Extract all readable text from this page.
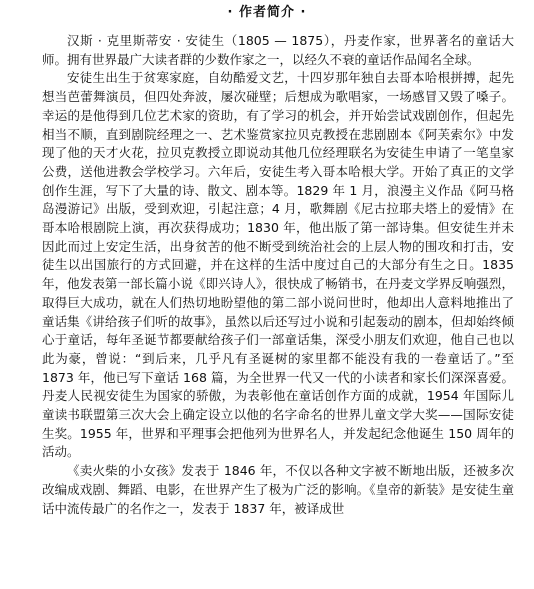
· 作者简介 ·

汉斯 · 克里斯蒂安 · 安徒生（1805 — 1875），丹麦作家，世界著名的童话大师。拥有世界最广大读者群的少数作家之一，以经久不衰的童话作品闻名全球。

安徒生出生于贫寒家庭，自幼酷爱文艺，十四岁那年独自去哥本哈根拼搏，起先想当芭蕾舞演员，但四处奔波，屡次碰壁；后想成为歌唱家，一场感冒又毁了嗓子。幸运的是他得到几位艺术家的资助，有了学习的机会，并开始尝试戏剧创作，但起先相当不顺，直到剧院经理之一、艺术鉴赏家拉贝克教授在悲剧剧本《阿芙索尔》中发现了他的天才火花，拉贝克教授立即说动其他几位经理联名为安徒生申请了一笔皇家公费，送他进教会学校学习。六年后，安徒生考入哥本哈根大学。开始了真正的文学创作生涯，写下了大量的诗、散文、剧本等。1829 年 1 月，浪漫主义作品《阿马格岛漫游记》出版，受到欢迎，引起注意；4 月，歌舞剧《尼古拉耶夫塔上的爱情》在哥本哈根剧院上演，再次获得成功；1830 年，他出版了第一部诗集。但安徒生并未因此而过上安定生活，出身贫苦的他不断受到统治社会的上层人物的围攻和打击，安徒生以出国旅行的方式回避，并在这样的生活中度过自己的大部分有生之日。1835 年，他发表第一部长篇小说《即兴诗人》，很快成了畅销书，在丹麦文学界反响强烈，取得巨大成功，就在人们热切地盼望他的第二部小说问世时，他却出人意料地推出了童话集《讲给孩子们听的故事》，虽然以后还写过小说和引起轰动的剧本，但却始终倾心于童话，每年圣诞节都要献给孩子们一部童话集，深受小朋友们欢迎，他自己也以此为豪，曾说：“到后来，几乎凡有圣诞树的家里都不能没有我的一卷童话了。”至 1873 年，他已写下童话 168 篇，为全世界一代又一代的小读者和家长们深深喜爱。丹麦人民视安徒生为国家的骄傲，为表彰他在童话创作方面的成就，1954 年国际儿童读书联盟第三次大会上确定设立以他的名字命名的世界儿童文学大奖——国际安徒生奖。1955 年，世界和平理事会把他列为世界名人，并发起纪念他诞生 150 周年的活动。

《卖火柴的小女孩》发表于 1846 年，不仅以各种文字被不断地出版，还被多次改编成戏剧、舞蹈、电影，在世界产生了极为广泛的影响。《皇帝的新装》是安徒生童话中流传最广的名作之一，发表于 1837 年，被译成世
